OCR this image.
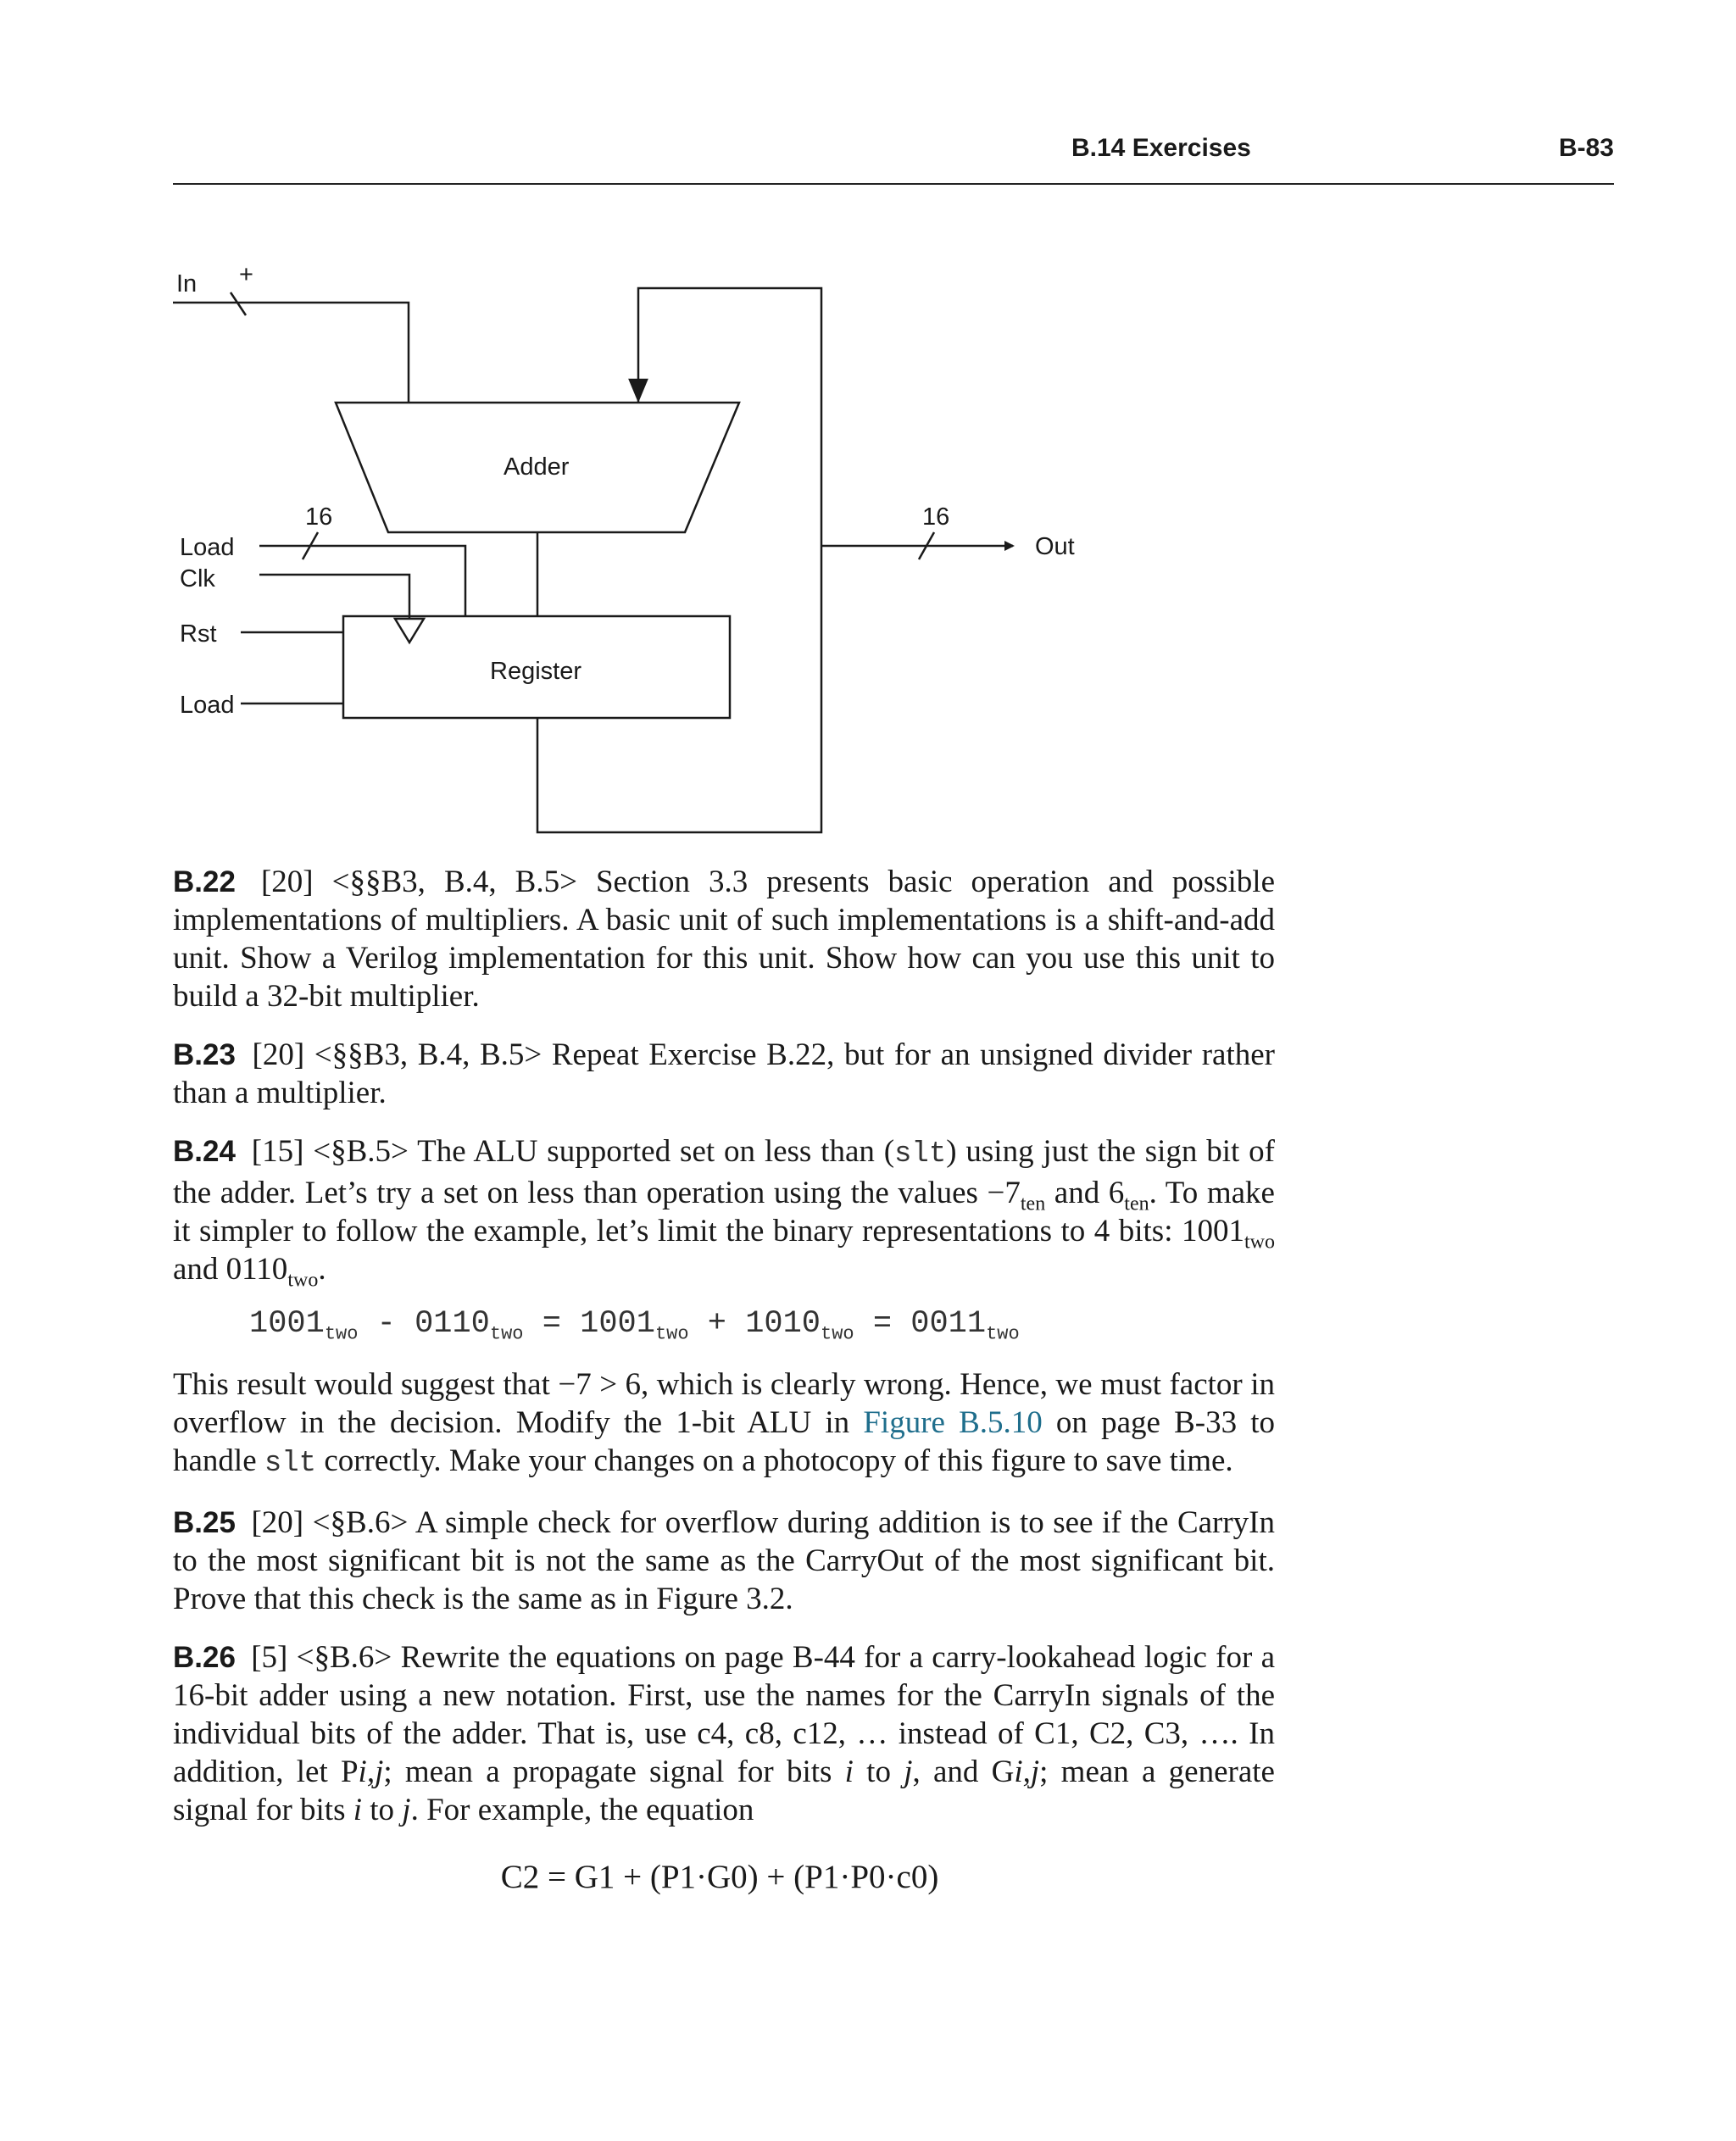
B.14 Exercises	B-83
In +
Adder
Register
Load
Clk
Rst
Load
16	16
Out

B.22 [20] <§§B3, B.4, B.5> Section 3.3 presents basic operation and possible implementations of multipliers. A basic unit of such implementations is a shift-and-add unit. Show a Verilog implementation for this unit. Show how can you use this unit to build a 32-bit multiplier.

B.23 [20] <§§B3, B.4, B.5> Repeat Exercise B.22, but for an unsigned divider rather than a multiplier.

B.24 [15] <§B.5> The ALU supported set on less than (slt) using just the sign bit of the adder. Let’s try a set on less than operation using the values $-7_{ten}$ and $6_{ten}$. To make it simpler to follow the example, let’s limit the binary representations to 4 bits: $1001_{two}$ and $0110_{two}$.

$1001_{two} - 0110_{two} = 1001_{two} + 1010_{two} = 0011_{two}$

This result would suggest that −7 > 6, which is clearly wrong. Hence, we must factor in overflow in the decision. Modify the 1-bit ALU in Figure B.5.10 on page B-33 to handle slt correctly. Make your changes on a photocopy of this figure to save time.

B.25 [20] <§B.6> A simple check for overflow during addition is to see if the CarryIn to the most significant bit is not the same as the CarryOut of the most significant bit. Prove that this check is the same as in Figure 3.2.

B.26 [5] <§B.6> Rewrite the equations on page B-44 for a carry-lookahead logic for a 16-bit adder using a new notation. First, use the names for the CarryIn signals of the individual bits of the adder. That is, use c4, c8, c12, … instead of C1, C2, C3, …. In addition, let Pi,j; mean a propagate signal for bits i to j, and Gi,j; mean a generate signal for bits i to j. For example, the equation

C2 = G1 + (P1·G0) + (P1·P0·c0)
